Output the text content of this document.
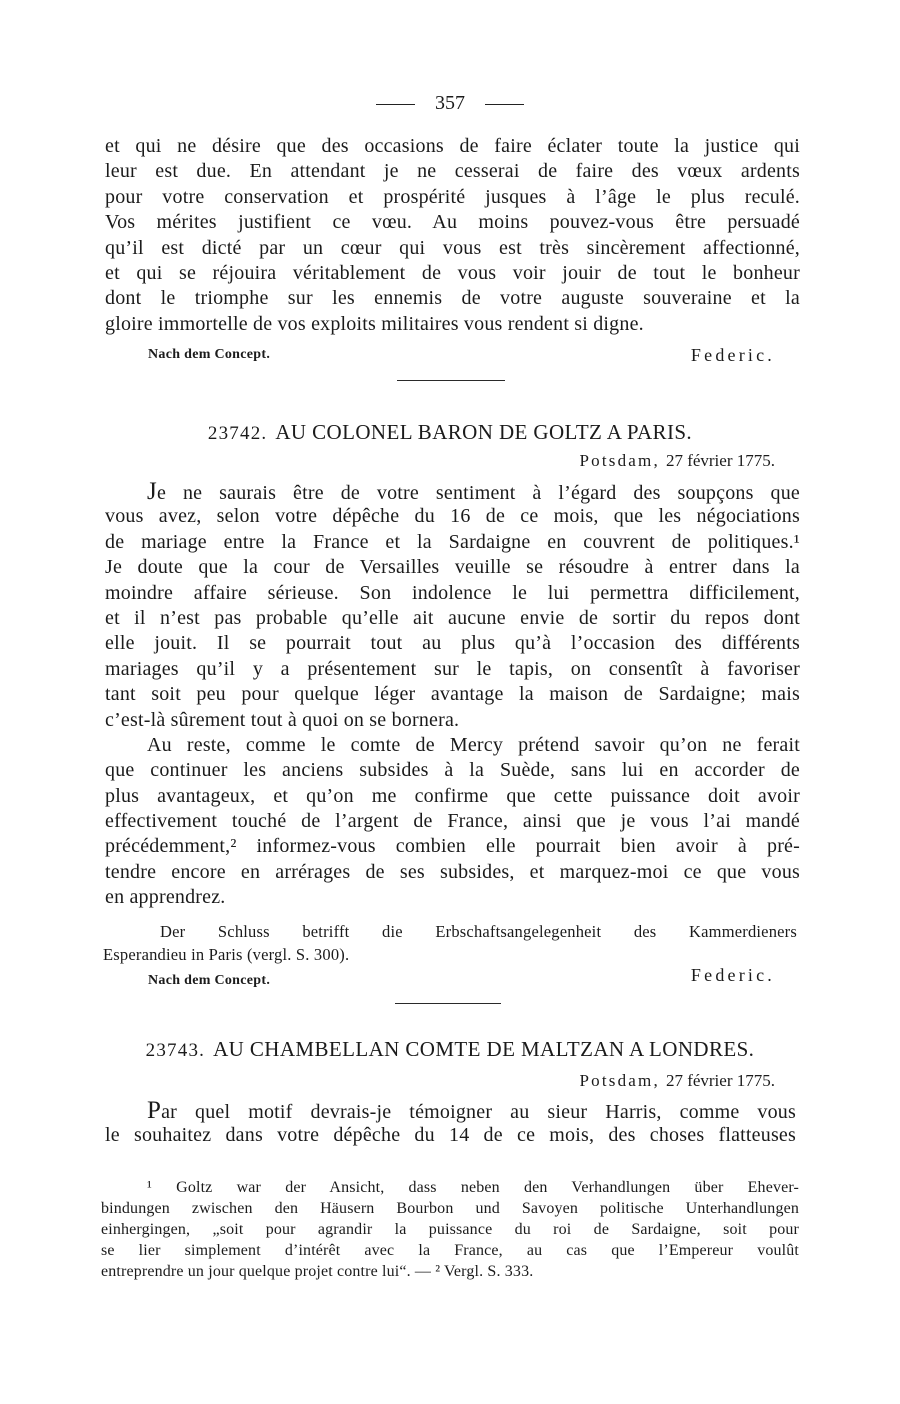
357
et qui ne désire que des occasions de faire éclater toute la justice qui
leur est due. En attendant je ne cesserai de faire des vœux ardents
pour votre conservation et prospérité jusques à l’âge le plus reculé.
Vos mérites justifient ce vœu. Au moins pouvez-vous être persuadé
qu’il est dicté par un cœur qui vous est très sincèrement affectionné,
et qui se réjouira véritablement de vous voir jouir de tout le bonheur
dont le triomphe sur les ennemis de votre auguste souveraine et la
gloire immortelle de vos exploits militaires vous rendent si digne.
Nach dem Concept.	Federic.
23742. AU COLONEL BARON DE GOLTZ A PARIS.
Potsdam, 27 février 1775.
Je ne saurais être de votre sentiment à l’égard des soupçons que
vous avez, selon votre dépêche du 16 de ce mois, que les négociations
de mariage entre la France et la Sardaigne en couvrent de politiques.¹
Je doute que la cour de Versailles veuille se résoudre à entrer dans la
moindre affaire sérieuse. Son indolence le lui permettra difficilement,
et il n’est pas probable qu’elle ait aucune envie de sortir du repos dont
elle jouit. Il se pourrait tout au plus qu’à l’occasion des différents
mariages qu’il y a présentement sur le tapis, on consentît à favoriser
tant soit peu pour quelque léger avantage la maison de Sardaigne; mais
c’est-là sûrement tout à quoi on se bornera.
Au reste, comme le comte de Mercy prétend savoir qu’on ne ferait
que continuer les anciens subsides à la Suède, sans lui en accorder de
plus avantageux, et qu’on me confirme que cette puissance doit avoir
effectivement touché de l’argent de France, ainsi que je vous l’ai mandé
précédemment,² informez-vous combien elle pourrait bien avoir à pré-
tendre encore en arrérages de ses subsides, et marquez-moi ce que vous
en apprendrez.
Der Schluss betrifft die Erbschaftsangelegenheit des Kammerdieners
Esperandieu in Paris (vergl. S. 300).
Nach dem Concept.	Federic.
23743. AU CHAMBELLAN COMTE DE MALTZAN A LONDRES.
Potsdam, 27 février 1775.
Par quel motif devrais-je témoigner au sieur Harris, comme vous
le souhaitez dans votre dépêche du 14 de ce mois, des choses flatteuses
¹ Goltz war der Ansicht, dass neben den Verhandlungen über Ehever-
bindungen zwischen den Häusern Bourbon und Savoyen politische Unterhandlungen
einhergingen, „soit pour agrandir la puissance du roi de Sardaigne, soit pour
se lier simplement d’intérêt avec la France, au cas que l’Empereur voulût
entreprendre un jour quelque projet contre lui“. — ² Vergl. S. 333.
